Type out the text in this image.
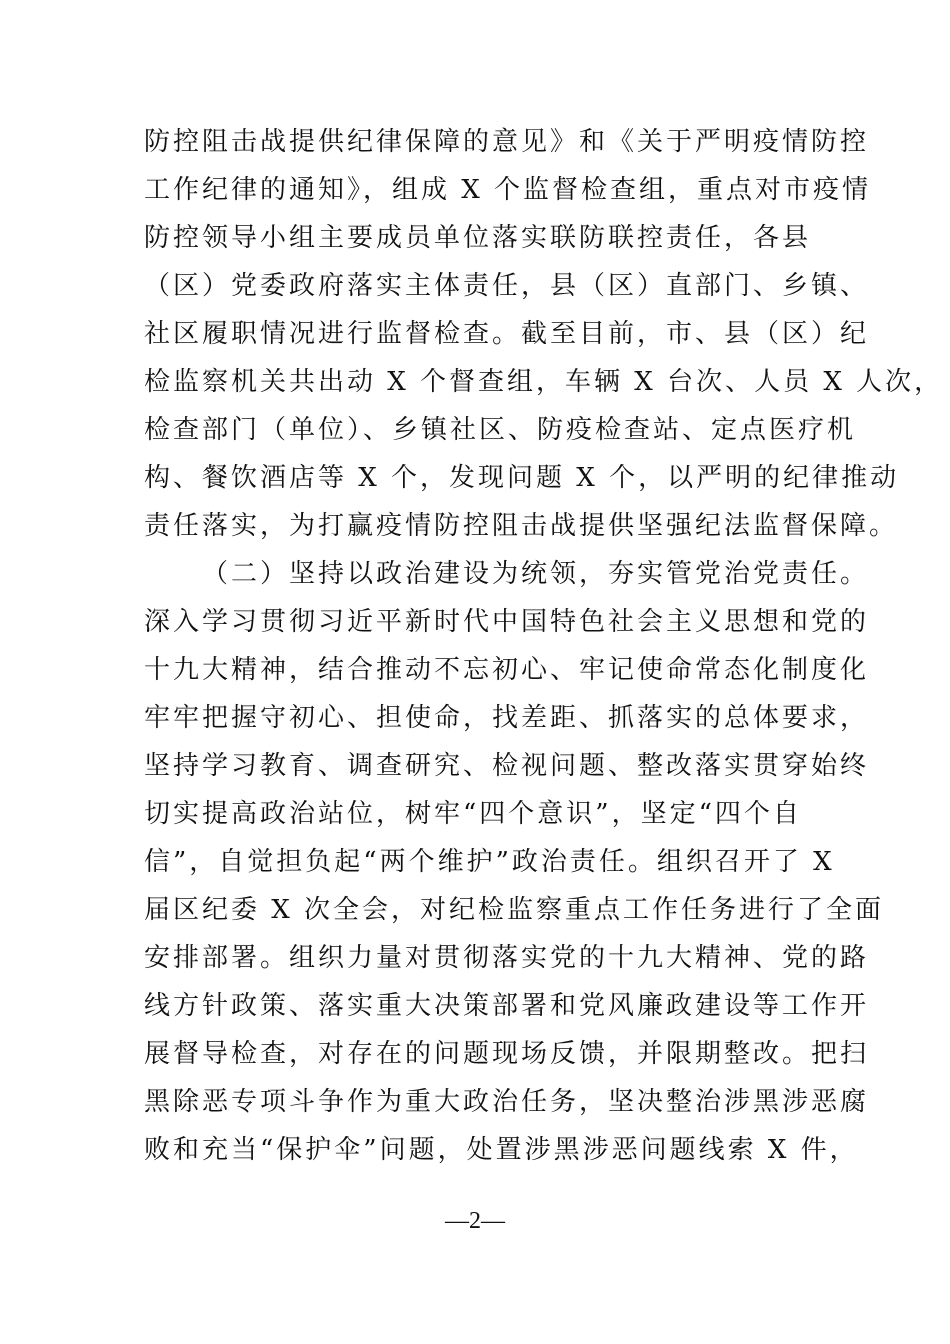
防控阻击战提供纪律保障的意见》和《关于严明疫情防控
工作纪律的通知》，组成 X 个监督检查组，重点对市疫情
防控领导小组主要成员单位落实联防联控责任，各县
（区）党委政府落实主体责任，县（区）直部门、乡镇、
社区履职情况进行监督检查。截至目前，市、县（区）纪
检监察机关共出动 X 个督查组，车辆 X 台次、人员 X 人次，
检查部门（单位）、乡镇社区、防疫检查站、定点医疗机
构、餐饮酒店等 X 个，发现问题 X 个，以严明的纪律推动
责任落实，为打赢疫情防控阻击战提供坚强纪法监督保障。
（二）坚持以政治建设为统领，夯实管党治党责任。
深入学习贯彻习近平新时代中国特色社会主义思想和党的
十九大精神，结合推动不忘初心、牢记使命常态化制度化
牢牢把握守初心、担使命，找差距、抓落实的总体要求，
坚持学习教育、调查研究、检视问题、整改落实贯穿始终
切实提高政治站位，树牢“四个意识”，坚定“四个自
信”，自觉担负起“两个维护”政治责任。组织召开了 X
届区纪委 X 次全会，对纪检监察重点工作任务进行了全面
安排部署。组织力量对贯彻落实党的十九大精神、党的路
线方针政策、落实重大决策部署和党风廉政建设等工作开
展督导检查，对存在的问题现场反馈，并限期整改。把扫
黑除恶专项斗争作为重大政治任务，坚决整治涉黑涉恶腐
败和充当“保护伞”问题，处置涉黑涉恶问题线索 X 件，
—2—
